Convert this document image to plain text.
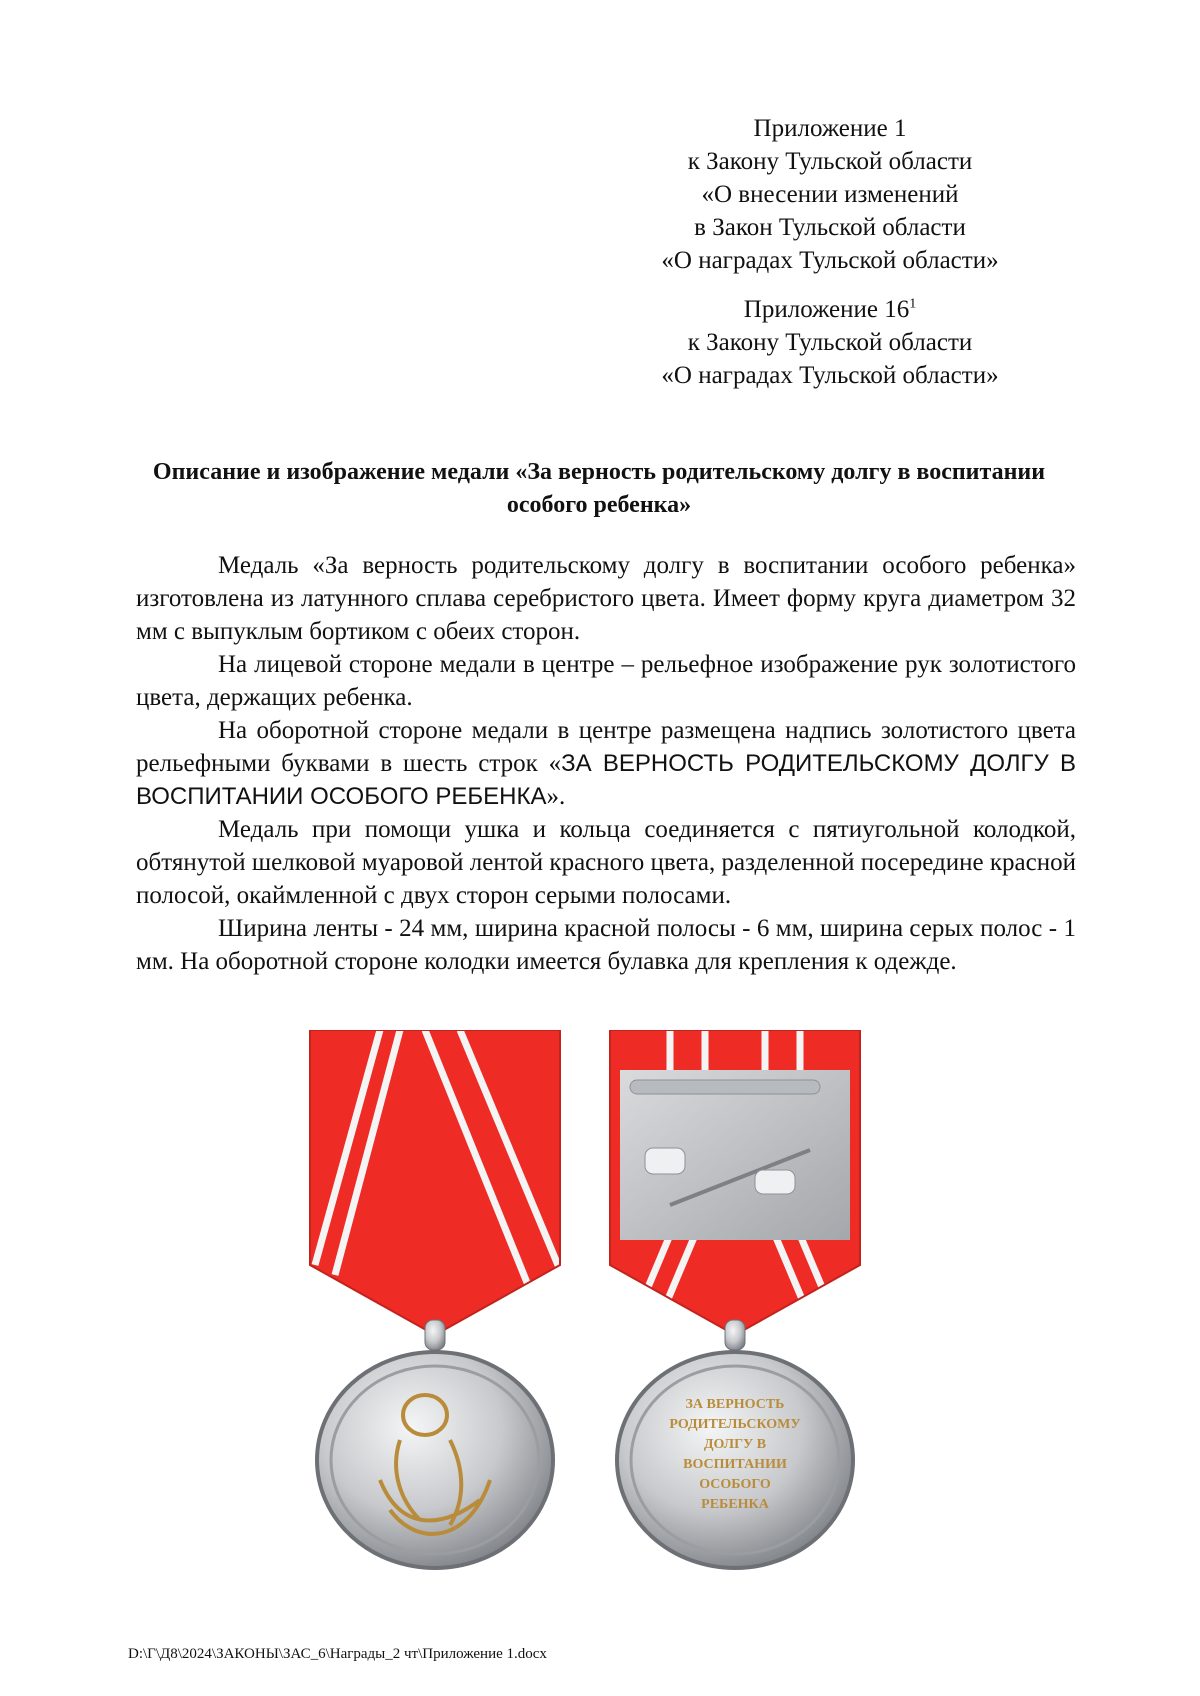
Приложение 1
к Закону Тульской области
«О внесении изменений
в Закон Тульской области
«О наградах Тульской области»
Приложение $16^1$
к Закону Тульской области
«О наградах Тульской области»
Описание и изображение медали «За верность родительскому долгу в воспитании особого ребенка»

Медаль «За верность родительскому долгу в воспитании особого ребенка» изготовлена из латунного сплава серебристого цвета. Имеет форму круга диаметром 32 мм с выпуклым бортиком с обеих сторон.

На лицевой стороне медали в центре – рельефное изображение рук золотистого цвета, держащих ребенка.

На оборотной стороне медали в центре размещена надпись золотистого цвета рельефными буквами в шесть строк «ЗА ВЕРНОСТЬ РОДИТЕЛЬСКОМУ ДОЛГУ В ВОСПИТАНИИ ОСОБОГО РЕБЕНКА».

Медаль при помощи ушка и кольца соединяется с пятиугольной колодкой, обтянутой шелковой муаровой лентой красного цвета, разделенной посередине красной полосой, окаймленной с двух сторон серыми полосами.

Ширина ленты - 24 мм, ширина красной полосы - 6 мм, ширина серых полос - 1 мм. На оборотной стороне колодки имеется булавка для крепления к одежде.

ЗА ВЕРНОСТЬ
РОДИТЕЛЬСКОМУ
ДОЛГУ В
ВОСПИТАНИИ
ОСОБОГО
РЕБЕНКА
D:\Г\Д8\2024\ЗАКОНЫ\ЗАС_6\Награды_2 чт\Приложение 1.docx
